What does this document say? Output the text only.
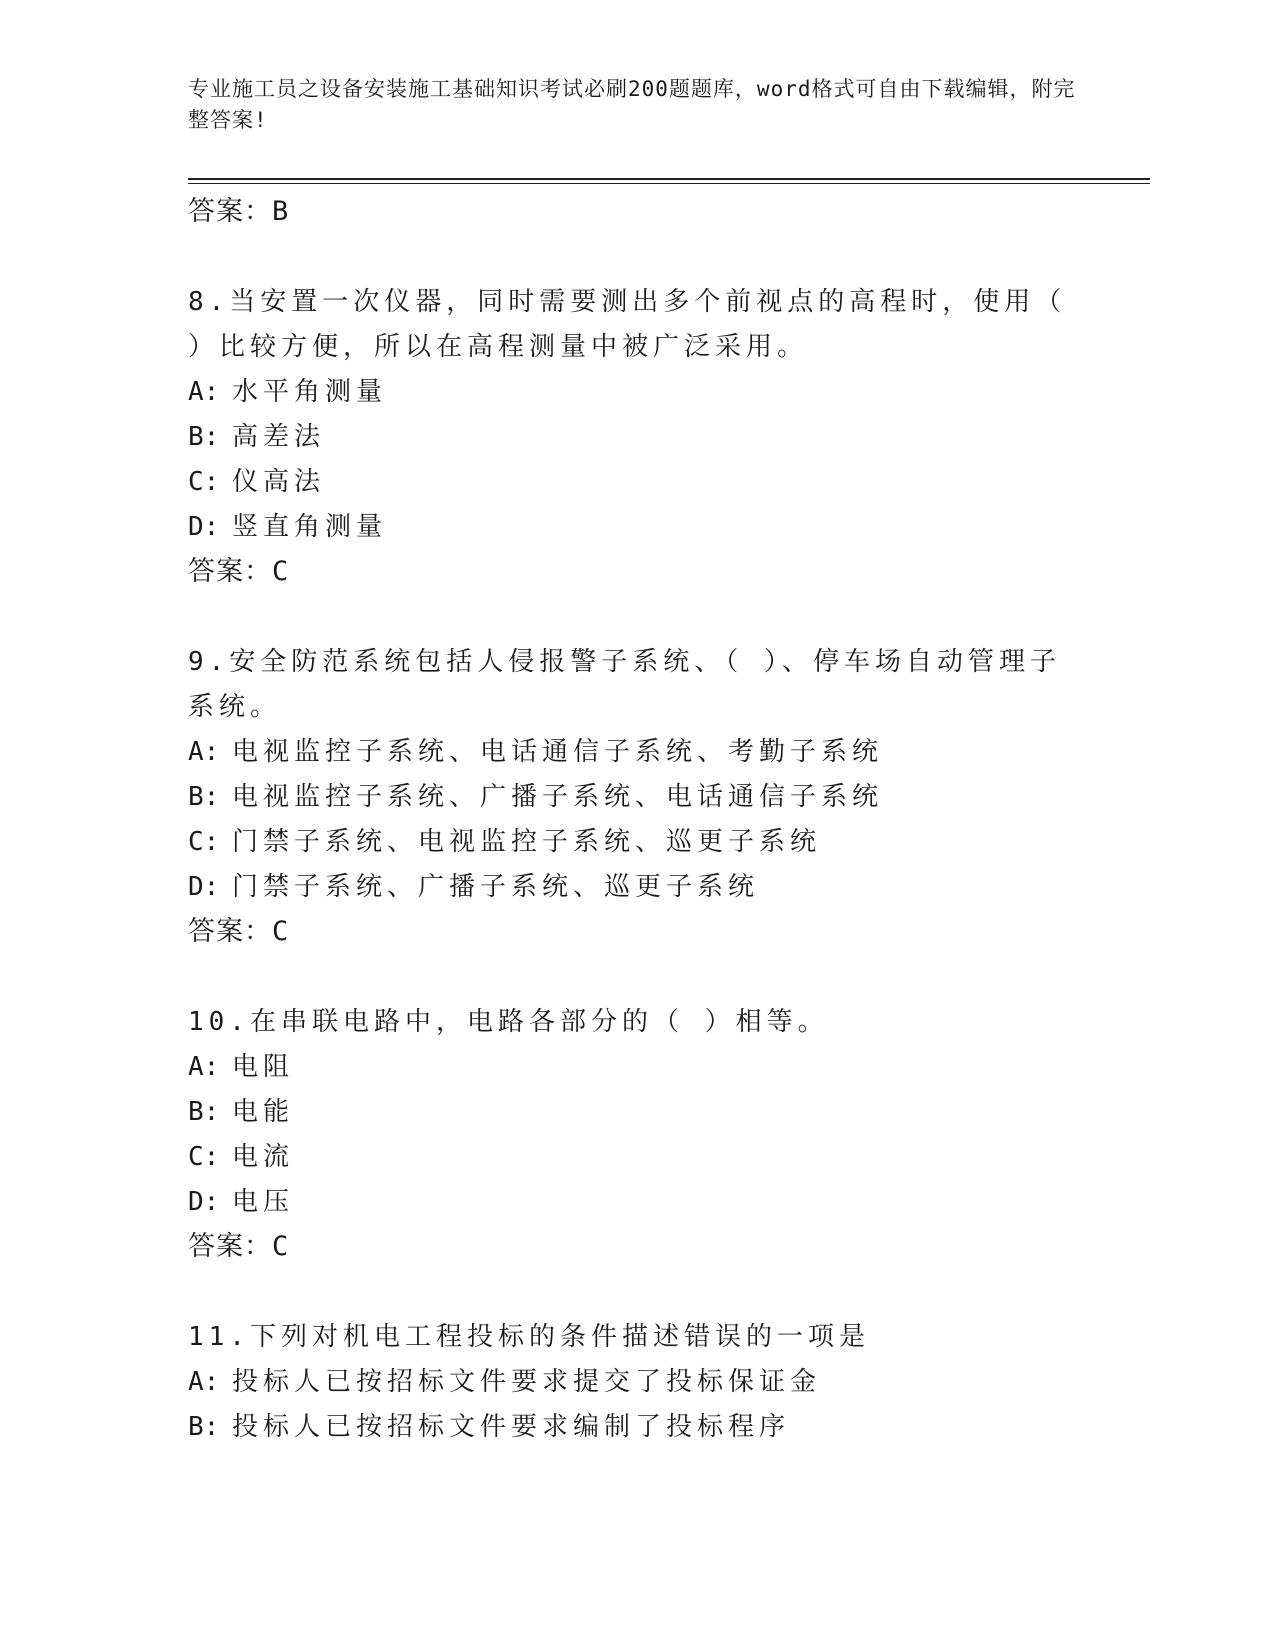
专业施工员之设备安装施工基础知识考试必刷200题题库，word格式可自由下载编辑，附完整答案!
答案：B
8.当安置一次仪器，同时需要测出多个前视点的高程时，使用（ ）比较方便，所以在高程测量中被广泛采用。
A: 水平角测量
B: 高差法
C: 仪高法
D: 竖直角测量
答案：C
9.安全防范系统包括人侵报警子系统、（ ）、停车场自动管理子系统。
A: 电视监控子系统、电话通信子系统、考勤子系统
B: 电视监控子系统、广播子系统、电话通信子系统
C: 门禁子系统、电视监控子系统、巡更子系统
D: 门禁子系统、广播子系统、巡更子系统
答案：C
10.在串联电路中，电路各部分的（ ）相等。
A: 电阻
B: 电能
C: 电流
D: 电压
答案：C
11.下列对机电工程投标的条件描述错误的一项是
A: 投标人已按招标文件要求提交了投标保证金
B: 投标人已按招标文件要求编制了投标程序
